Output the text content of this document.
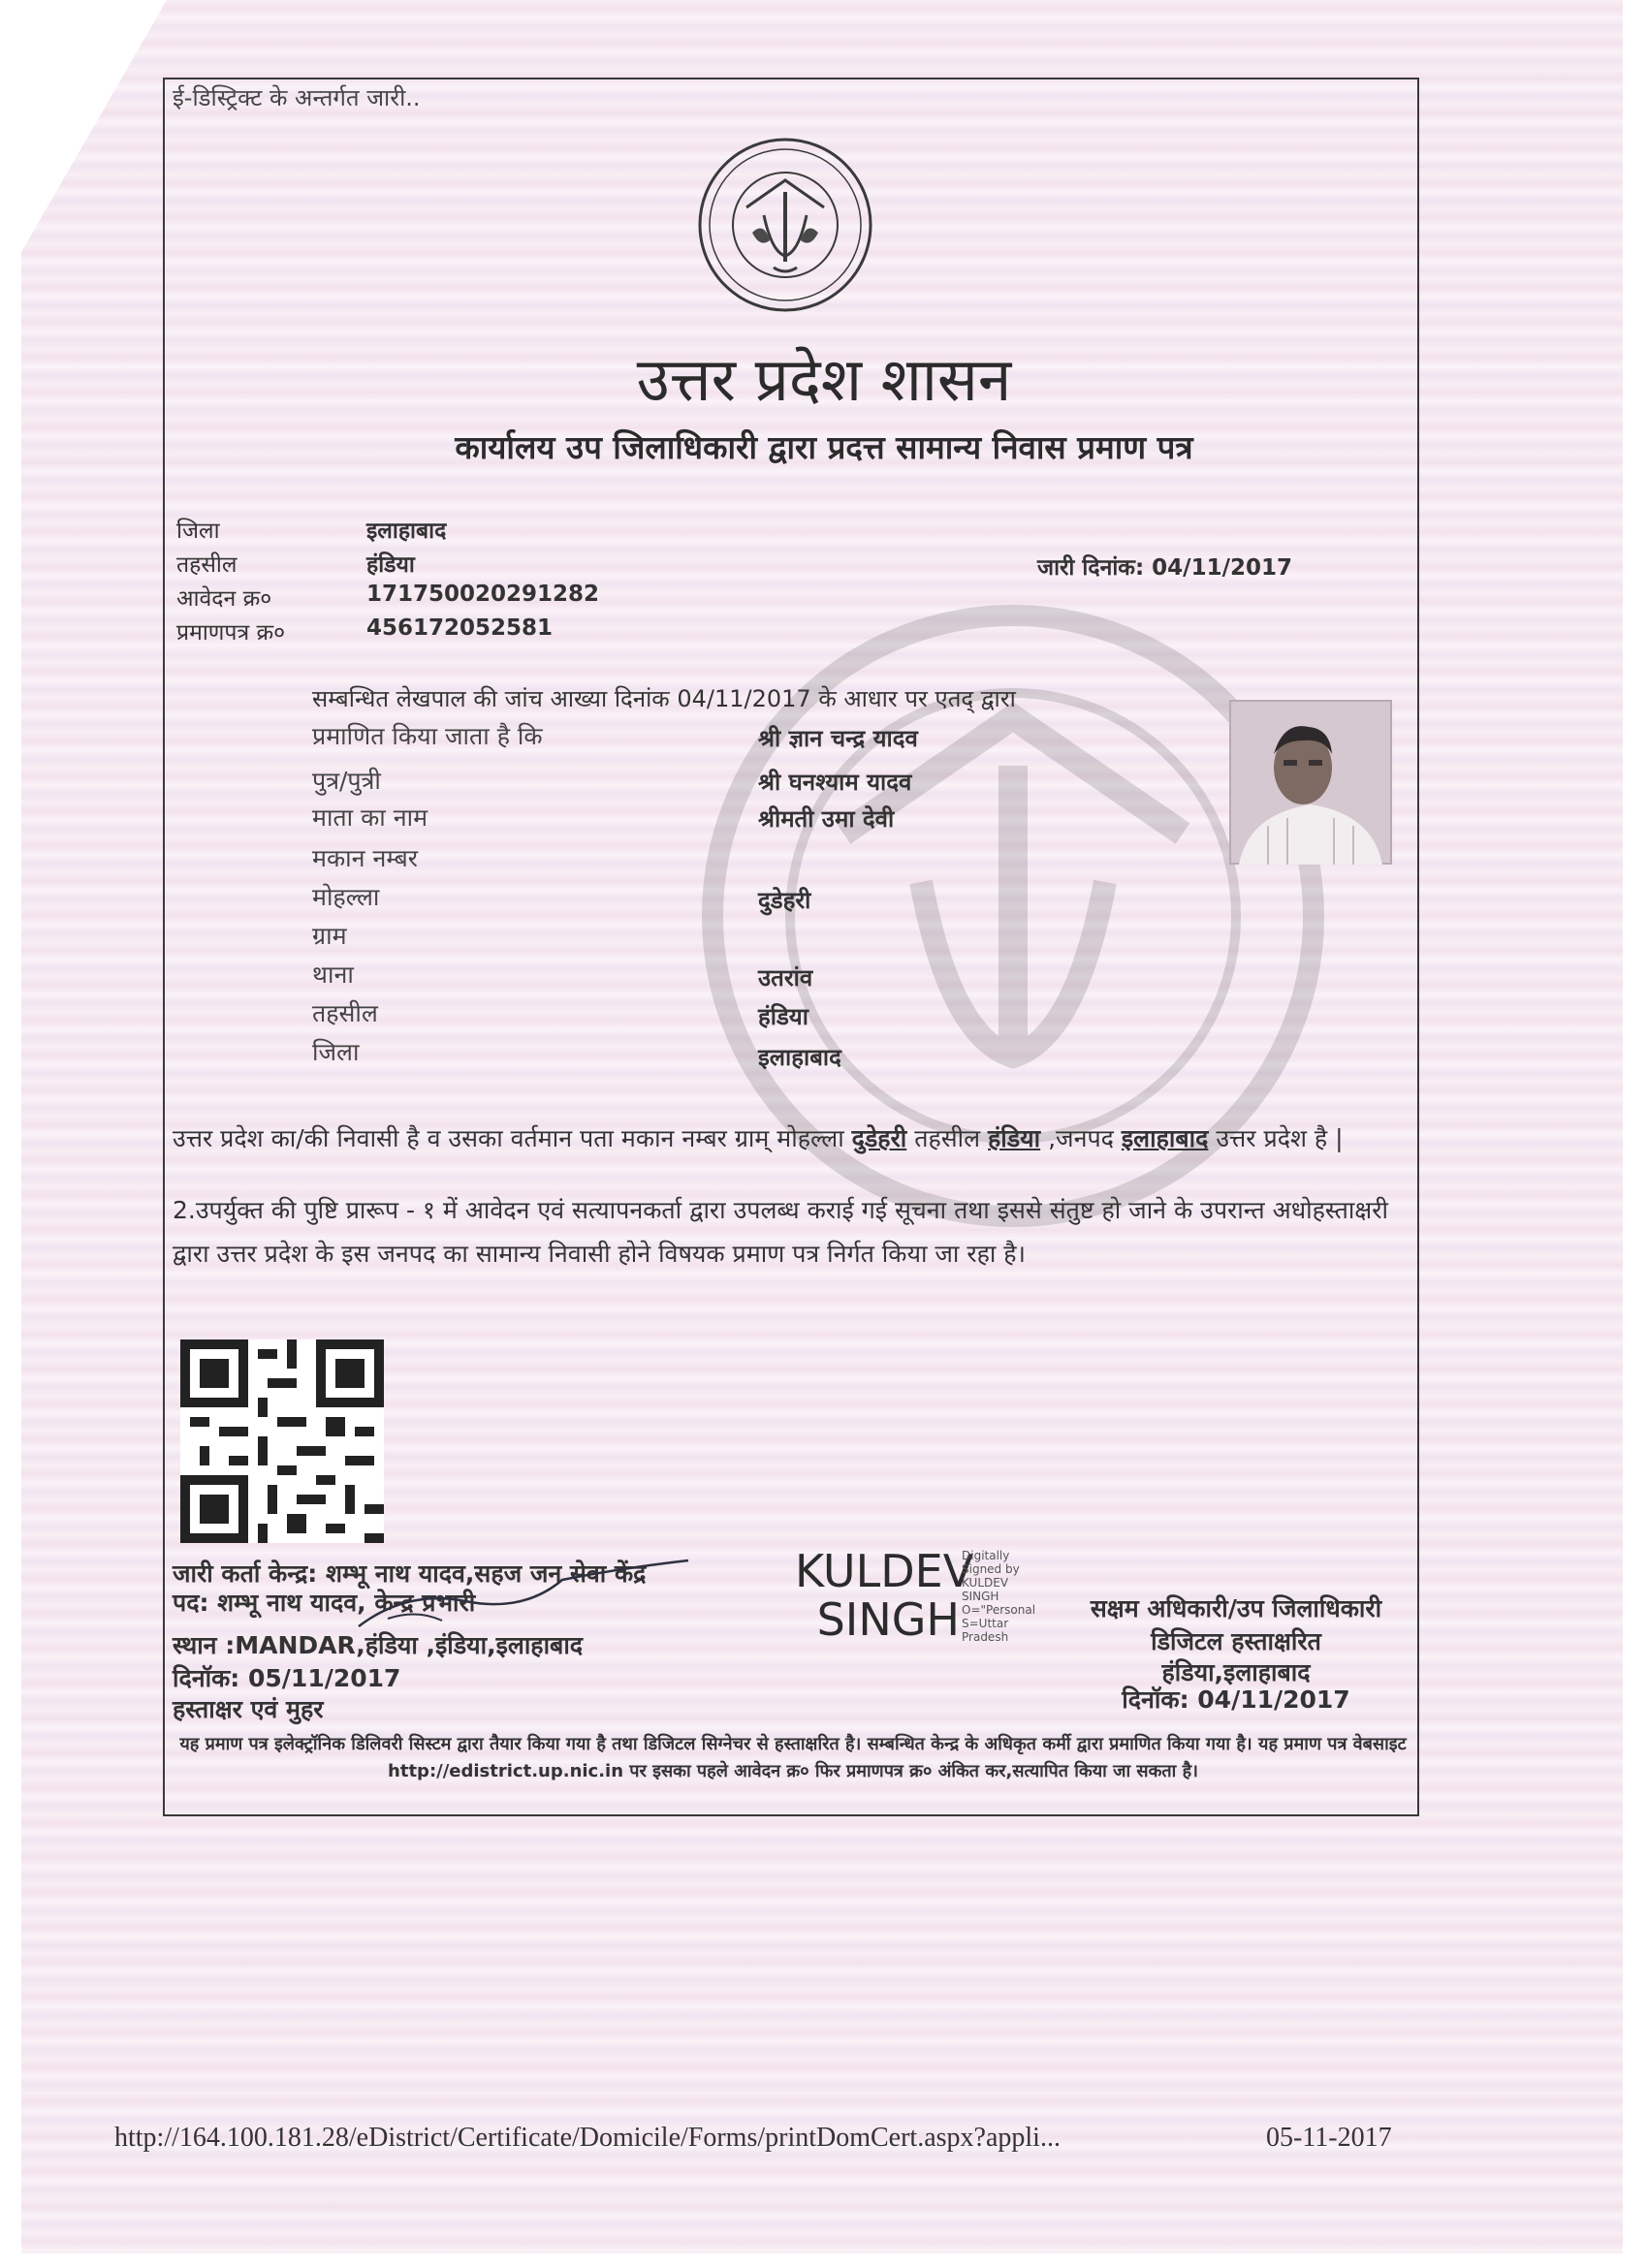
ई-डिस्ट्रिक्ट के अन्तर्गत जारी..
उत्तर प्रदेश शासन
कार्यालय उप जिलाधिकारी द्वारा प्रदत्त सामान्य निवास प्रमाण पत्र
जिला	इलाहाबाद
तहसील	हंडिया
आवेदन क्र०	17175002029128​2
प्रमाणपत्र क्र०	456172052581
जारी दिनांक: 04/11/2017
सम्बन्धित लेखपाल की जांच आख्या दिनांक 04/11/2017 के आधार पर एतद् द्वारा
प्रमाणित किया जाता है कि	श्री ज्ञान चन्द्र यादव
पुत्र/पुत्री	श्री घनश्याम यादव
माता का नाम	श्रीमती उमा देवी
मकान नम्बर
मोहल्ला	दुडेहरी
ग्राम
थाना	उतरांव
तहसील	हंडिया
जिला	इलाहाबाद
उत्तर प्रदेश का/की निवासी है व उसका वर्तमान पता मकान नम्बर ग्राम् मोहल्ला दुडेहरी तहसील हंडिया ,जनपद इलाहाबाद उत्तर प्रदेश है |
2.उपर्युक्त की पुष्टि प्रारूप - १ में आवेदन एवं सत्यापनकर्ता द्वारा उपलब्ध कराई गई सूचना तथा इससे संतुष्ट हो जाने के उपरान्त अधोहस्ताक्षरी द्वारा उत्तर प्रदेश के इस जनपद का सामान्य निवासी होने विषयक प्रमाण पत्र निर्गत किया जा रहा है।
जारी कर्ता केन्द्र: शम्भू नाथ यादव,सहज जन सेवा केंद्र
पद: शम्भू नाथ यादव, केन्द्र प्रभारी
स्थान :MANDAR,हंडिया ,इंडिया,इलाहाबाद
दिनॉक: 05/11/2017
हस्ताक्षर एवं मुहर
KULDEV
SINGH
Digitally
Signed by
KULDEV
SINGH
O="Personal
S=Uttar
Pradesh
सक्षम अधिकारी/उप जिलाधिकारी
डिजिटल हस्ताक्षरित
हंडिया,इलाहाबाद
दिनॉक: 04/11/2017
यह प्रमाण पत्र इलेक्ट्रॉनिक डिलिवरी सिस्टम द्वारा तैयार किया गया है तथा डिजिटल सिग्नेचर से हस्ताक्षरित है। सम्बन्धित केन्द्र के अधिकृत कर्मी द्वारा प्रमाणित किया गया है। यह प्रमाण पत्र वेबसाइट http://edistrict.up.nic.in पर इसका पहले आवेदन क्र० फिर प्रमाणपत्र क्र० अंकित कर,सत्यापित किया जा सकता है।
http://164.100.181.28/eDistrict/Certificate/Domicile/Forms/printDomCert.aspx?appli...	05-11-2017
